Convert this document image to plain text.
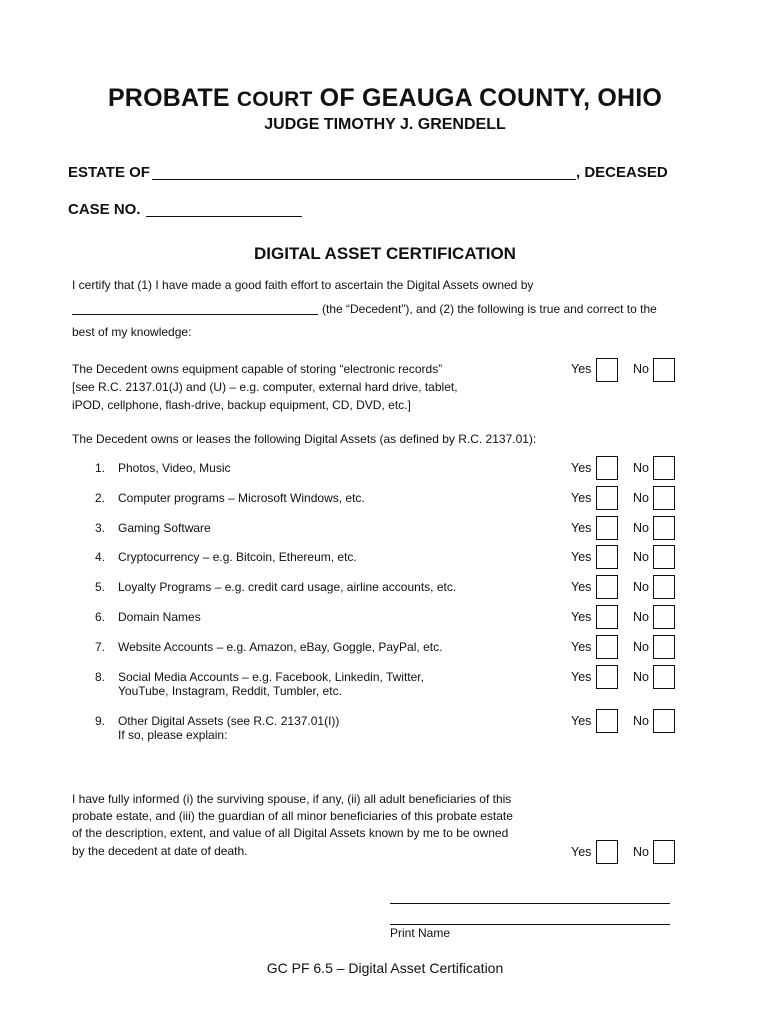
PROBATE COURT OF GEAUGA COUNTY, OHIO
JUDGE TIMOTHY J. GRENDELL
ESTATE OF	, DECEASED
CASE NO.
DIGITAL ASSET CERTIFICATION
I certify that (1) I have made a good faith effort to ascertain the Digital Assets owned by
(the “Decedent”), and (2) the following is true and correct to the
best of my knowledge:
The Decedent owns equipment capable of storing “electronic records”
[see R.C. 2137.01(J) and (U) – e.g. computer, external hard drive, tablet,
iPOD, cellphone, flash-drive, backup equipment, CD, DVD, etc.]
Yes	No
The Decedent owns or leases the following Digital Assets (as defined by R.C. 2137.01):
1. Photos, Video, Music	Yes	No
2. Computer programs – Microsoft Windows, etc.	Yes	No
3. Gaming Software	Yes	No
4. Cryptocurrency – e.g. Bitcoin, Ethereum, etc.	Yes	No
5. Loyalty Programs – e.g. credit card usage, airline accounts, etc.	Yes	No
6. Domain Names	Yes	No
7. Website Accounts – e.g. Amazon, eBay, Goggle, PayPal, etc.	Yes	No
8. Social Media Accounts – e.g. Facebook, Linkedin, Twitter,
YouTube, Instagram, Reddit, Tumbler, etc.
Yes	No
9. Other Digital Assets (see R.C. 2137.01(I))
If so, please explain:
Yes	No
I have fully informed (i) the surviving spouse, if any, (ii) all adult beneficiaries of this
probate estate, and (iii) the guardian of all minor beneficiaries of this probate estate
of the description, extent, and value of all Digital Assets known by me to be owned
by the decedent at date of death.	Yes	No
Print Name
GC PF 6.5 – Digital Asset Certification
